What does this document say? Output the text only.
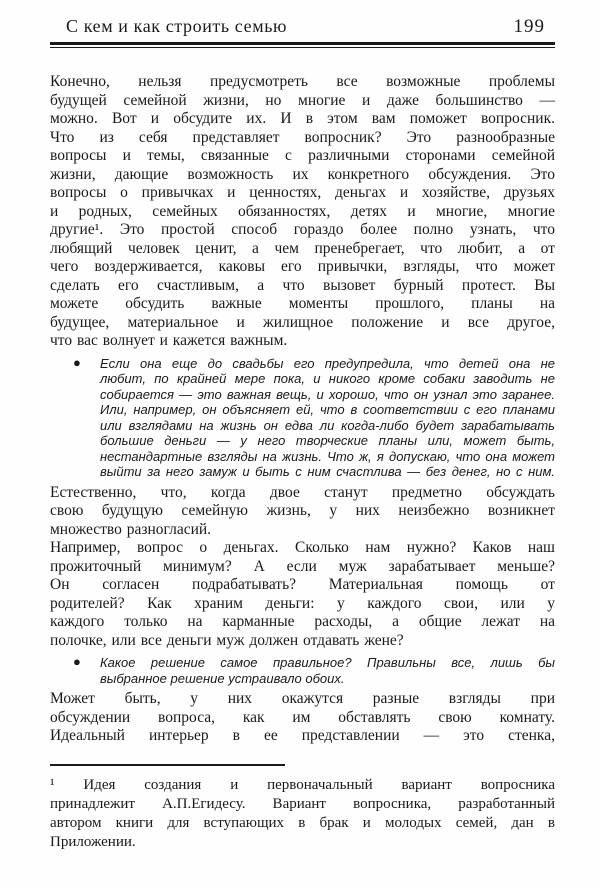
С кем и как строить семью	199
Конечно, нельзя предусмотреть все возможные проблемы
будущей семейной жизни, но многие и даже большинство —
можно. Вот и обсудите их. И в этом вам поможет вопросник.
Что из себя представляет вопросник? Это разнообразные
вопросы и темы, связанные с различными сторонами семейной
жизни, дающие возможность их конкретного обсуждения. Это
вопросы о привычках и ценностях, деньгах и хозяйстве, друзьях
и родных, семейных обязанностях, детях и многие, многие
другие¹. Это простой способ гораздо более полно узнать, что
любящий человек ценит, а чем пренебрегает, что любит, а от
чего воздерживается, каковы его привычки, взгляды, что может
сделать его счастливым, а что вызовет бурный протест. Вы
можете обсудить важные моменты прошлого, планы на
будущее, материальное и жилищное положение и все другое,
что вас волнует и кажется важным.
● Если она еще до свадьбы его предупредила, что детей она не
любит, по крайней мере пока, и никого кроме собаки заводить не
собирается — это важная вещь, и хорошо, что он узнал это заранее.
Или, например, он объясняет ей, что в соответствии с его планами
или взглядами на жизнь он едва ли когда-либо будет зарабатывать
большие деньги — у него творческие планы или, может быть,
нестандартные взгляды на жизнь. Что ж, я допускаю, что она может
выйти за него замуж и быть с ним счастлива — без денег, но с ним.
Естественно, что, когда двое станут предметно обсуждать
свою будущую семейную жизнь, у них неизбежно возникнет
множество разногласий.
Например, вопрос о деньгах. Сколько нам нужно? Каков наш
прожиточный минимум? А если муж зарабатывает меньше?
Он согласен подрабатывать? Материальная помощь от
родителей? Как храним деньги: у каждого свои, или у
каждого только на карманные расходы, а общие лежат на
полочке, или все деньги муж должен отдавать жене?
● Какое решение самое правильное? Правильны все, лишь бы
выбранное решение устраивало обоих.
Может быть, у них окажутся разные взгляды при
обсуждении вопроса, как им обставлять свою комнату.
Идеальный интерьер в ее представлении — это стенка,
¹ Идея создания и первоначальный вариант вопросника
принадлежит А.П.Егидесу. Вариант вопросника, разработанный
автором книги для вступающих в брак и молодых семей, дан в
Приложении.
